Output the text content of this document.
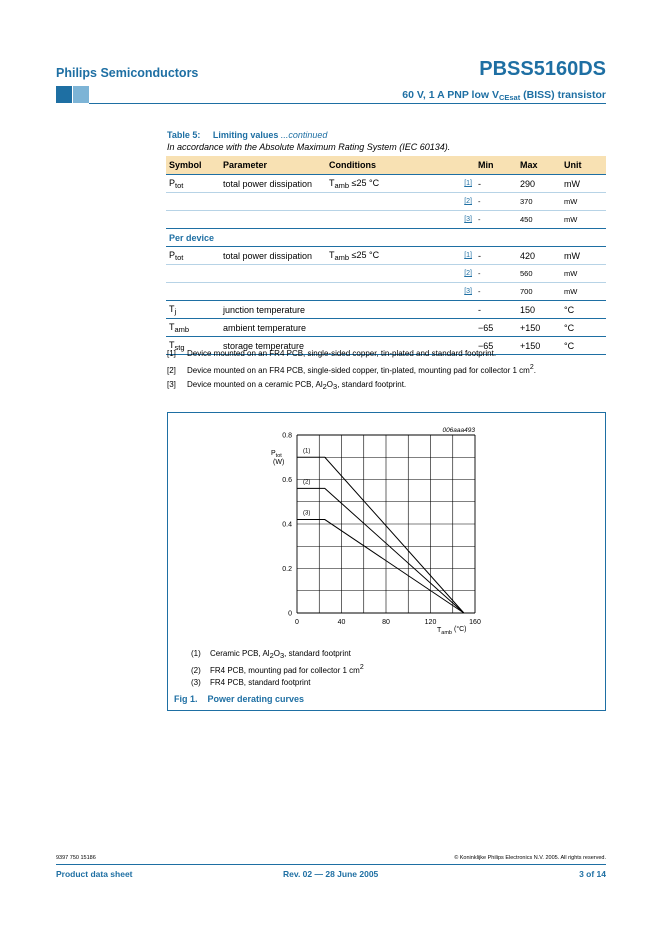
Philips Semiconductors	PBSS5160DS
60 V, 1 A PNP low $V_{CEsat}$ (BISS) transistor
Table 5: Limiting values ...continued
In accordance with the Absolute Maximum Rating System (IEC 60134).
Symbol	Parameter	Conditions		Min	Max	Unit
$P_{tot}$	total power dissipation	$T_{amb} \le 25$ °C	[1]	-	290	mW
			[2]	-	370	mW
			[3]	-	450	mW
Per device						
$P_{tot}$	total power dissipation	$T_{amb} \le 25$ °C	[1]	-	420	mW
			[2]	-	560	mW
			[3]	-	700	mW
$T_j$	junction temperature			-	150	°C
$T_{amb}$	ambient temperature			−65	+150	°C
$T_{stg}$	storage temperature			−65	+150	°C
[1] Device mounted on an FR4 PCB, single-sided copper, tin-plated and standard footprint.
[2] Device mounted on an FR4 PCB, single-sided copper, tin-plated, mounting pad for collector 1 cm2.
[3] Device mounted on a ceramic PCB, Al2O3, standard footprint.
0	40	80	120	160
0
0.2
0.4
0.6
0.8
(1)
(2)
(3)
006aaa493
$P_{tot}$
(W)
$T_{amb}$ (°C)
(1) Ceramic PCB, Al2O3, standard footprint
(2) FR4 PCB, mounting pad for collector 1 cm2
(3) FR4 PCB, standard footprint
Fig 1. Power derating curves
9397 750 15186	© Koninklijke Philips Electronics N.V. 2005. All rights reserved.
Product data sheet	Rev. 02 — 28 June 2005	3 of 14
